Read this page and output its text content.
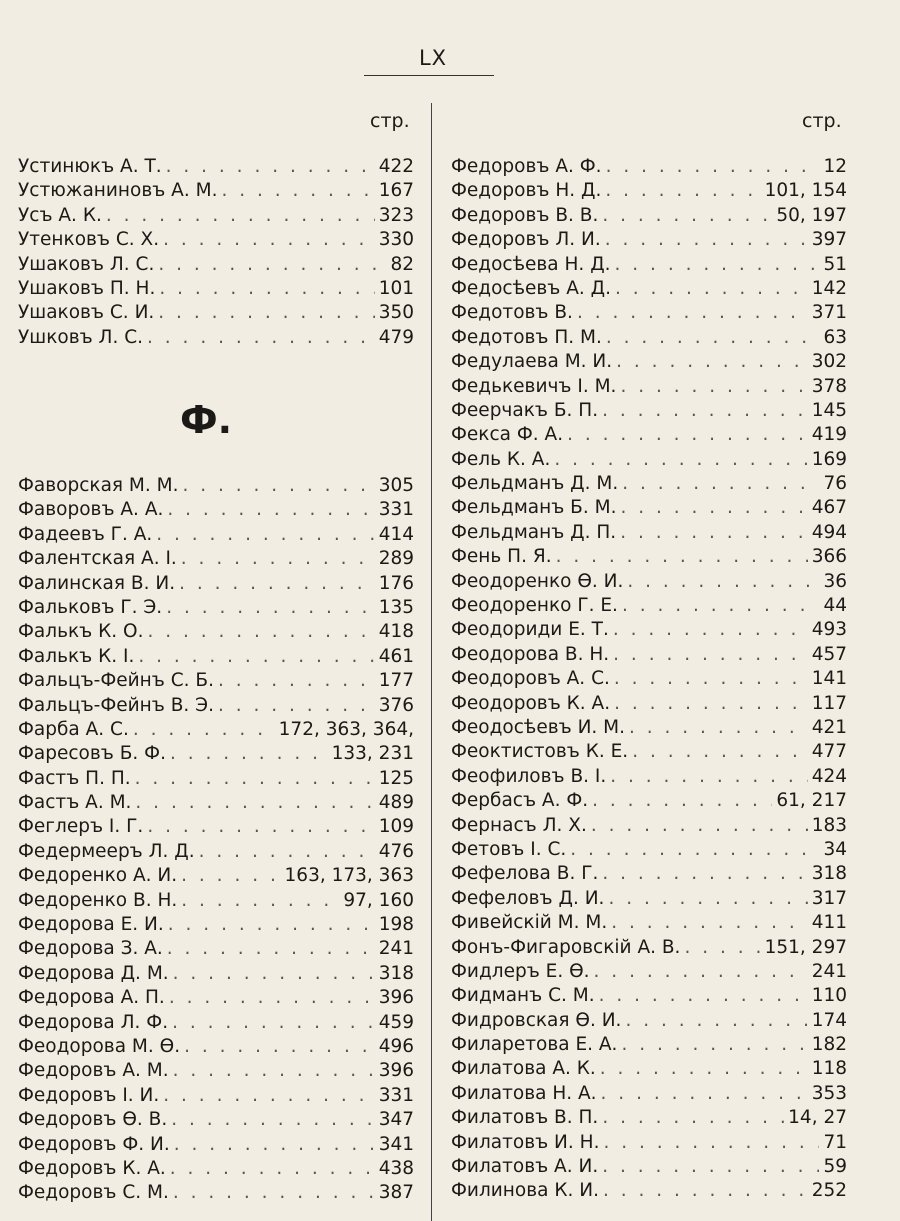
LX
стр.	стр.
Устинюкъ А. Т. . . .	422
Устюжаниновъ А. М. . . .	167
Усъ А. К. . . .	323
Утенковъ С. Х. . . .	330
Ушаковъ Л. С. . . .	82
Ушаковъ П. Н. . . .	101
Ушаковъ С. И. . . .	350
Ушковъ Л. С. . . .	479
Фаворская М. М. . . .	305
Фаворовъ А. А. . . .	331
Фадеевъ Г. А. . . .	414
Фалентская А. I. . . .	289
Фалинская В. И. . . .	176
Фальковъ Г. Э. . . .	135
Фалькъ К. О. . . .	418
Фалькъ К. I. . . .	461
Фальцъ-Фейнъ С. Б. . . .	177
Фальцъ-Фейнъ В. Э. . . .	376
Фарба А. С. . . .	172, 363, 364,
Фаресовъ Б. Ф. . . .	133, 231
Фастъ П. П. . . .	125
Фастъ А. М. . . .	489
Феглеръ I. Г. . . .	109
Федермееръ Л. Д. . . .	476
Федоренко А. И. . . .	163, 173, 363
Федоренко В. Н. . . .	97, 160
Федорова Е. И. . . .	198
Федорова З. А. . . .	241
Федорова Д. М. . . .	318
Федорова А. П. . . .	396
Федорова Л. Ф. . . .	459
Феодорова М. Ѳ. . . .	496
Федоровъ А. М. . . .	396
Федоровъ I. И. . . .	331
Федоровъ Ѳ. В. . . .	347
Федоровъ Ф. И. . . .	341
Федоровъ К. А. . . .	438
Федоровъ С. М. . . .	387
Ф.
Федоровъ А. Ф. . . .	12
Федоровъ Н. Д. . . .	101, 154
Федоровъ В. В. . . .	50, 197
Федоровъ Л. И. . . .	397
Федосѣева Н. Д. . . .	51
Федосѣевъ А. Д. . . .	142
Федотовъ В. . . .	371
Федотовъ П. М. . . .	63
Федулаева М. И. . . .	302
Федькевичъ I. М. . . .	378
Феерчакъ Б. П. . . .	145
Фекса Ф. А. . . .	419
Фель К. А. . . .	169
Фельдманъ Д. М. . . .	76
Фельдманъ Б. М. . . .	467
Фельдманъ Д. П. . . .	494
Фень П. Я. . . .	366
Феодоренко Ѳ. И. . . .	36
Феодоренко Г. Е. . . .	44
Феодориди Е. Т. . . .	493
Феодорова В. Н. . . .	457
Феодоровъ А. С. . . .	141
Феодоровъ К. А. . . .	117
Феодосѣевъ И. М. . . .	421
Феоктистовъ К. Е. . . .	477
Феофиловъ В. I. . . .	424
Фербасъ А. Ф. . . .	61, 217
Фернасъ Л. Х. . . .	183
Фетовъ I. С. . . .	34
Фефелова В. Г. . . .	318
Фефеловъ Д. И. . . .	317
Фивейскiй М. М. . . .	411
Фонъ-Фигаровскiй А. В. . . .	151, 297
Фидлеръ Е. Ѳ. . . .	241
Фидманъ С. М. . . .	110
Фидровская Ѳ. И. . . .	174
Филаретова Е. А. . . .	182
Филатова А. К. . . .	118
Филатова Н. А. . . .	353
Филатовъ В. П. . . .	14, 27
Филатовъ И. Н. . . .	71
Филатовъ А. И. . . .	59
Филинова К. И. . . .	252
